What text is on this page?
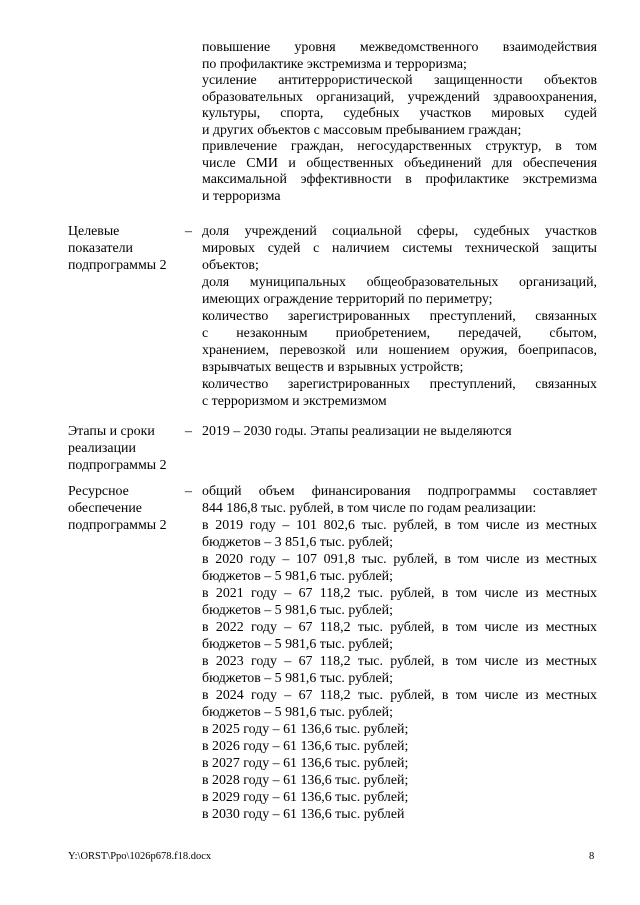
повышение уровня межведомственного взаимодействия
по профилактике экстремизма и терроризма;
усиление антитеррористической защищенности объектов
образовательных организаций, учреждений здравоохранения,
культуры, спорта, судебных участков мировых судей
и других объектов с массовым пребыванием граждан;
привлечение граждан, негосударственных структур, в том
числе СМИ и общественных объединений для обеспечения
максимальной эффективности в профилактике экстремизма
и терроризма
Целевые
показатели
подпрограммы 2
– доля учреждений социальной сферы, судебных участков
мировых судей с наличием системы технической защиты
объектов;
доля муниципальных общеобразовательных организаций,
имеющих ограждение территорий по периметру;
количество зарегистрированных преступлений, связанных
с незаконным приобретением, передачей, сбытом,
хранением, перевозкой или ношением оружия, боеприпасов,
взрывчатых веществ и взрывных устройств;
количество зарегистрированных преступлений, связанных
с терроризмом и экстремизмом
Этапы и сроки
реализации
подпрограммы 2
– 2019 – 2030 годы. Этапы реализации не выделяются
Ресурсное
обеспечение
подпрограммы 2
– общий объем финансирования подпрограммы составляет
844 186,8 тыс. рублей, в том числе по годам реализации:
в 2019 году – 101 802,6 тыс. рублей, в том числе из местных
бюджетов – 3 851,6 тыс. рублей;
в 2020 году – 107 091,8 тыс. рублей, в том числе из местных
бюджетов – 5 981,6 тыс. рублей;
в 2021 году – 67 118,2 тыс. рублей, в том числе из местных
бюджетов – 5 981,6 тыс. рублей;
в 2022 году – 67 118,2 тыс. рублей, в том числе из местных
бюджетов – 5 981,6 тыс. рублей;
в 2023 году – 67 118,2 тыс. рублей, в том числе из местных
бюджетов – 5 981,6 тыс. рублей;
в 2024 году – 67 118,2 тыс. рублей, в том числе из местных
бюджетов – 5 981,6 тыс. рублей;
в 2025 году – 61 136,6 тыс. рублей;
в 2026 году – 61 136,6 тыс. рублей;
в 2027 году – 61 136,6 тыс. рублей;
в 2028 году – 61 136,6 тыс. рублей;
в 2029 году – 61 136,6 тыс. рублей;
в 2030 году – 61 136,6 тыс. рублей
Y:\ORST\Ppo\1026p678.f18.docx	8
